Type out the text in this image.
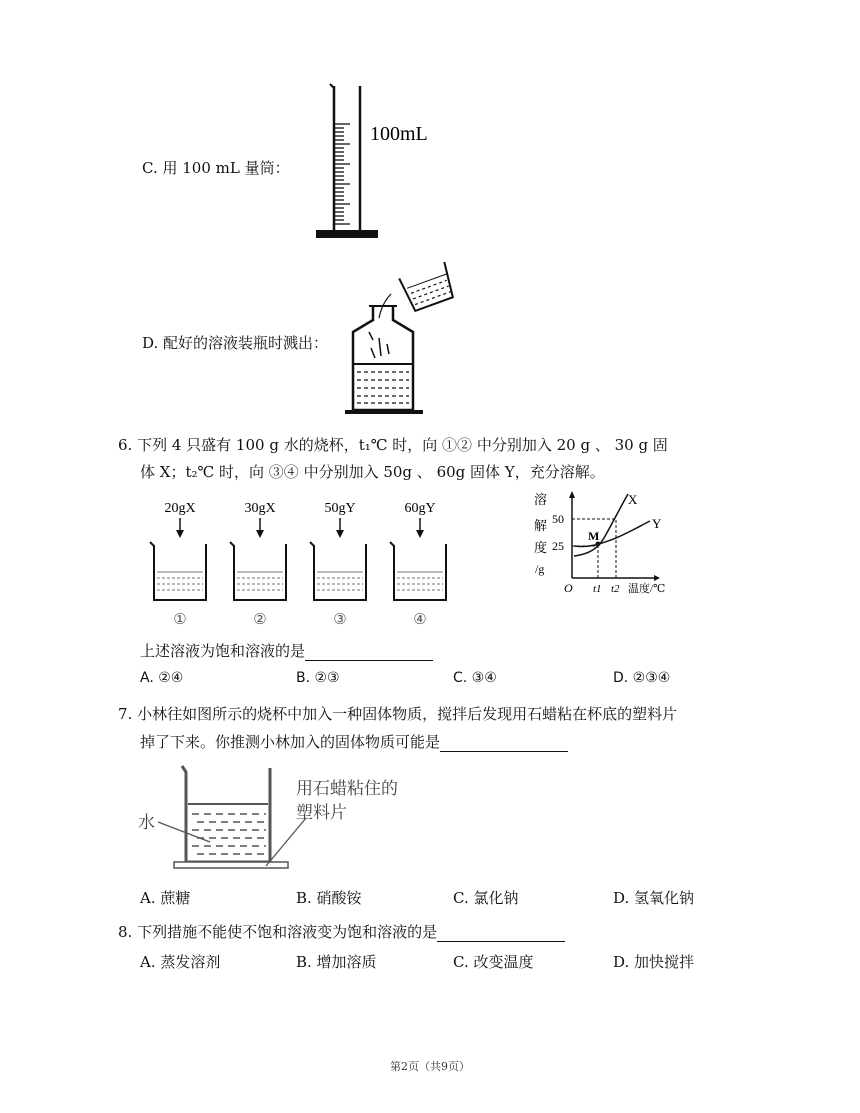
C. 用 100 mL 量筒：
100mL
D. 配好的溶液装瓶时溅出：
6. 下列 4 只盛有 100 g 水的烧杯，t₁℃ 时，向 ①② 中分别加入 20 g 、 30 g 固
体 X；t₂℃ 时，向 ③④ 中分别加入 50g 、 60g 固体 Y，充分溶解。
20gX
①
30gX
②
50gY
③
60gY
④
溶
解
度
/g
50
25
M
X
Y
O t1 t2 温度/℃
上述溶液为饱和溶液的是
A. ②④	B. ②③	C. ③④	D. ②③④
7. 小林往如图所示的烧杯中加入一种固体物质，搅拌后发现用石蜡粘在杯底的塑料片
掉了下来。你推测小林加入的固体物质可能是
水
用石蜡粘住的
塑料片
A. 蔗糖	B. 硝酸铵	C. 氯化钠	D. 氢氧化钠
8. 下列措施不能使不饱和溶液变为饱和溶液的是
A. 蒸发溶剂	B. 增加溶质	C. 改变温度	D. 加快搅拌
第2页（共9页）
